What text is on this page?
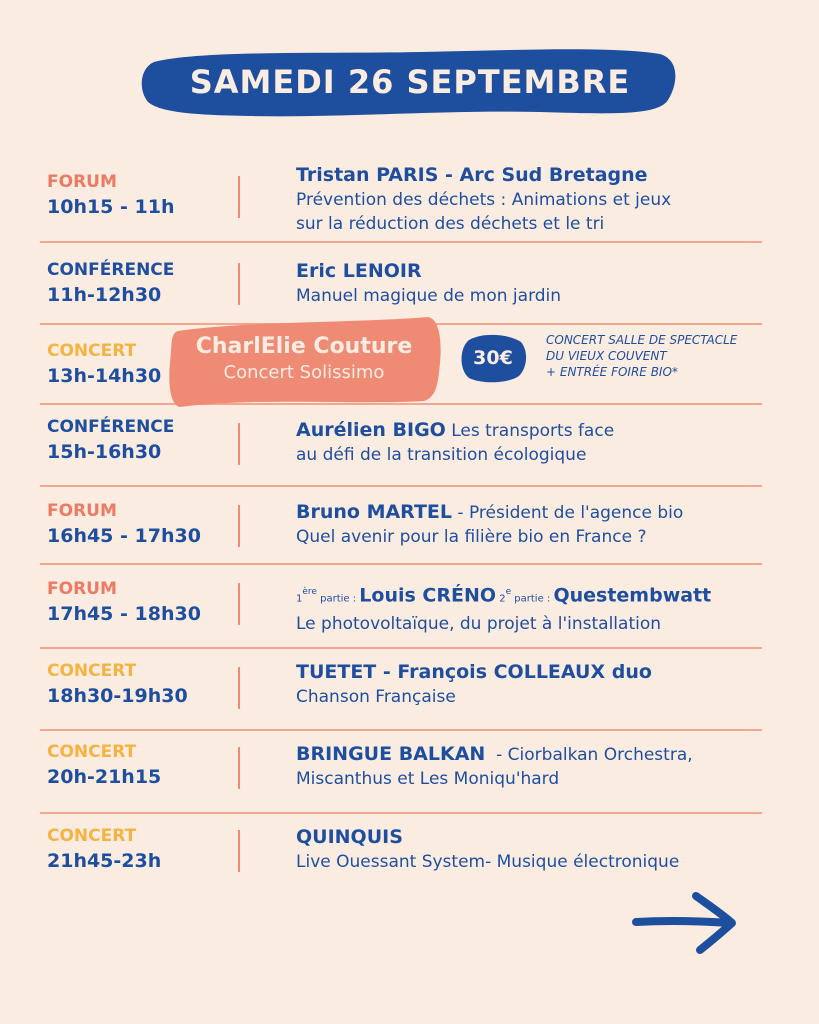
SAMEDI 26 SEPTEMBRE
FORUM
10h15 - 11h
Tristan PARIS - Arc Sud Bretagne
Prévention des déchets : Animations et jeux
sur la réduction des déchets et le tri
CONFÉRENCE
11h-12h30
Eric LENOIR
Manuel magique de mon jardin
CONCERT
13h-14h30
CONFÉRENCE
15h-16h30
Aurélien BIGO Les transports face
au défi de la transition écologique
FORUM
16h45 - 17h30
Bruno MARTEL - Président de l'agence bio
Quel avenir pour la filière bio en France ?
FORUM
17h45 - 18h30
1ère partie : Louis CRÉNO 2e partie : Questembwatt
Le photovoltaïque, du projet à l'installation
CONCERT
18h30-19h30
TUETET - François COLLEAUX duo
Chanson Française
CONCERT
20h-21h15
BRINGUE BALKAN  - Ciorbalkan Orchestra,
Miscanthus et Les Moniqu'hard
CONCERT
21h45-23h
QUINQUIS
Live Ouessant System- Musique électronique
CharlElie Couture
Concert Solissimo
30€
CONCERT SALLE DE SPECTACLE
DU VIEUX COUVENT
+ ENTRÉE FOIRE BIO*
